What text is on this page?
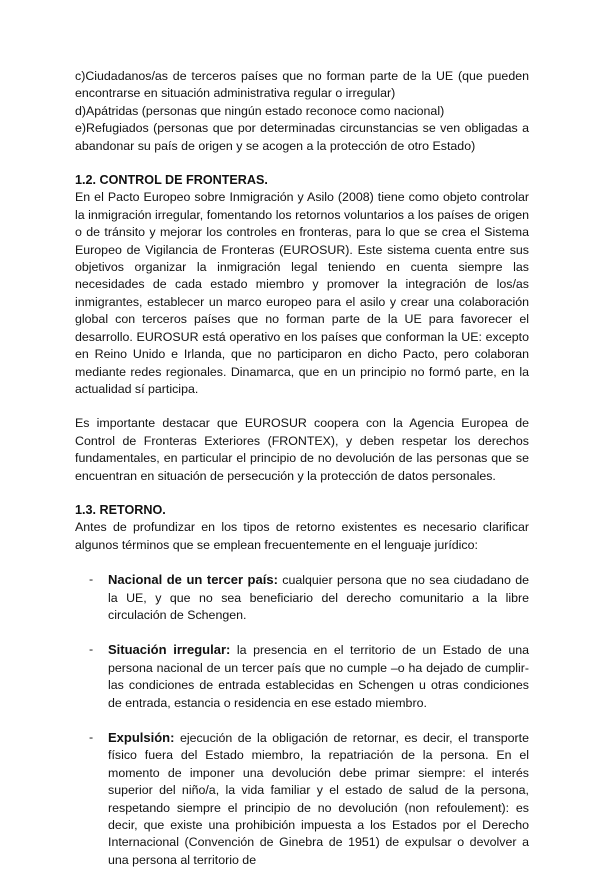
c)Ciudadanos/as de terceros países que no forman parte de la UE (que pueden encontrarse en situación administrativa regular o irregular)

d)Apátridas (personas que ningún estado reconoce como nacional)

e)Refugiados (personas que por determinadas circunstancias se ven obligadas a abandonar su país de origen y se acogen a la protección de otro Estado)

1.2. CONTROL DE FRONTERAS.

En el Pacto Europeo sobre Inmigración y Asilo (2008) tiene como objeto controlar la inmigración irregular, fomentando los retornos voluntarios a los países de origen o de tránsito y mejorar los controles en fronteras, para lo que se crea el Sistema Europeo de Vigilancia de Fronteras (EUROSUR). Este sistema cuenta entre sus objetivos organizar la inmigración legal teniendo en cuenta siempre las necesidades de cada estado miembro y promover la integración de los/as inmigrantes, establecer un marco europeo para el asilo y crear una colaboración global con terceros países que no forman parte de la UE para favorecer el desarrollo. EUROSUR está operativo en los países que conforman la UE: excepto en Reino Unido e Irlanda, que no participaron en dicho Pacto, pero colaboran mediante redes regionales. Dinamarca, que en un principio no formó parte, en la actualidad sí participa.

Es importante destacar que EUROSUR coopera con la Agencia Europea de Control de Fronteras Exteriores (FRONTEX), y deben respetar los derechos fundamentales, en particular el principio de no devolución de las personas que se encuentran en situación de persecución y la protección de datos personales.

1.3. RETORNO.

Antes de profundizar en los tipos de retorno existentes es necesario clarificar algunos términos que se emplean frecuentemente en el lenguaje jurídico:

- Nacional de un tercer país: cualquier persona que no sea ciudadano de la UE, y que no sea beneficiario del derecho comunitario a la libre circulación de Schengen.

- Situación irregular: la presencia en el territorio de un Estado de una persona nacional de un tercer país que no cumple –o ha dejado de cumplir- las condiciones de entrada establecidas en Schengen u otras condiciones de entrada, estancia o residencia en ese estado miembro.

- Expulsión: ejecución de la obligación de retornar, es decir, el transporte físico fuera del Estado miembro, la repatriación de la persona. En el momento de imponer una devolución debe primar siempre: el interés superior del niño/a, la vida familiar y el estado de salud de la persona, respetando siempre el principio de no devolución (non refoulement): es decir, que existe una prohibición impuesta a los Estados por el Derecho Internacional (Convención de Ginebra de 1951) de expulsar o devolver a una persona al territorio de
